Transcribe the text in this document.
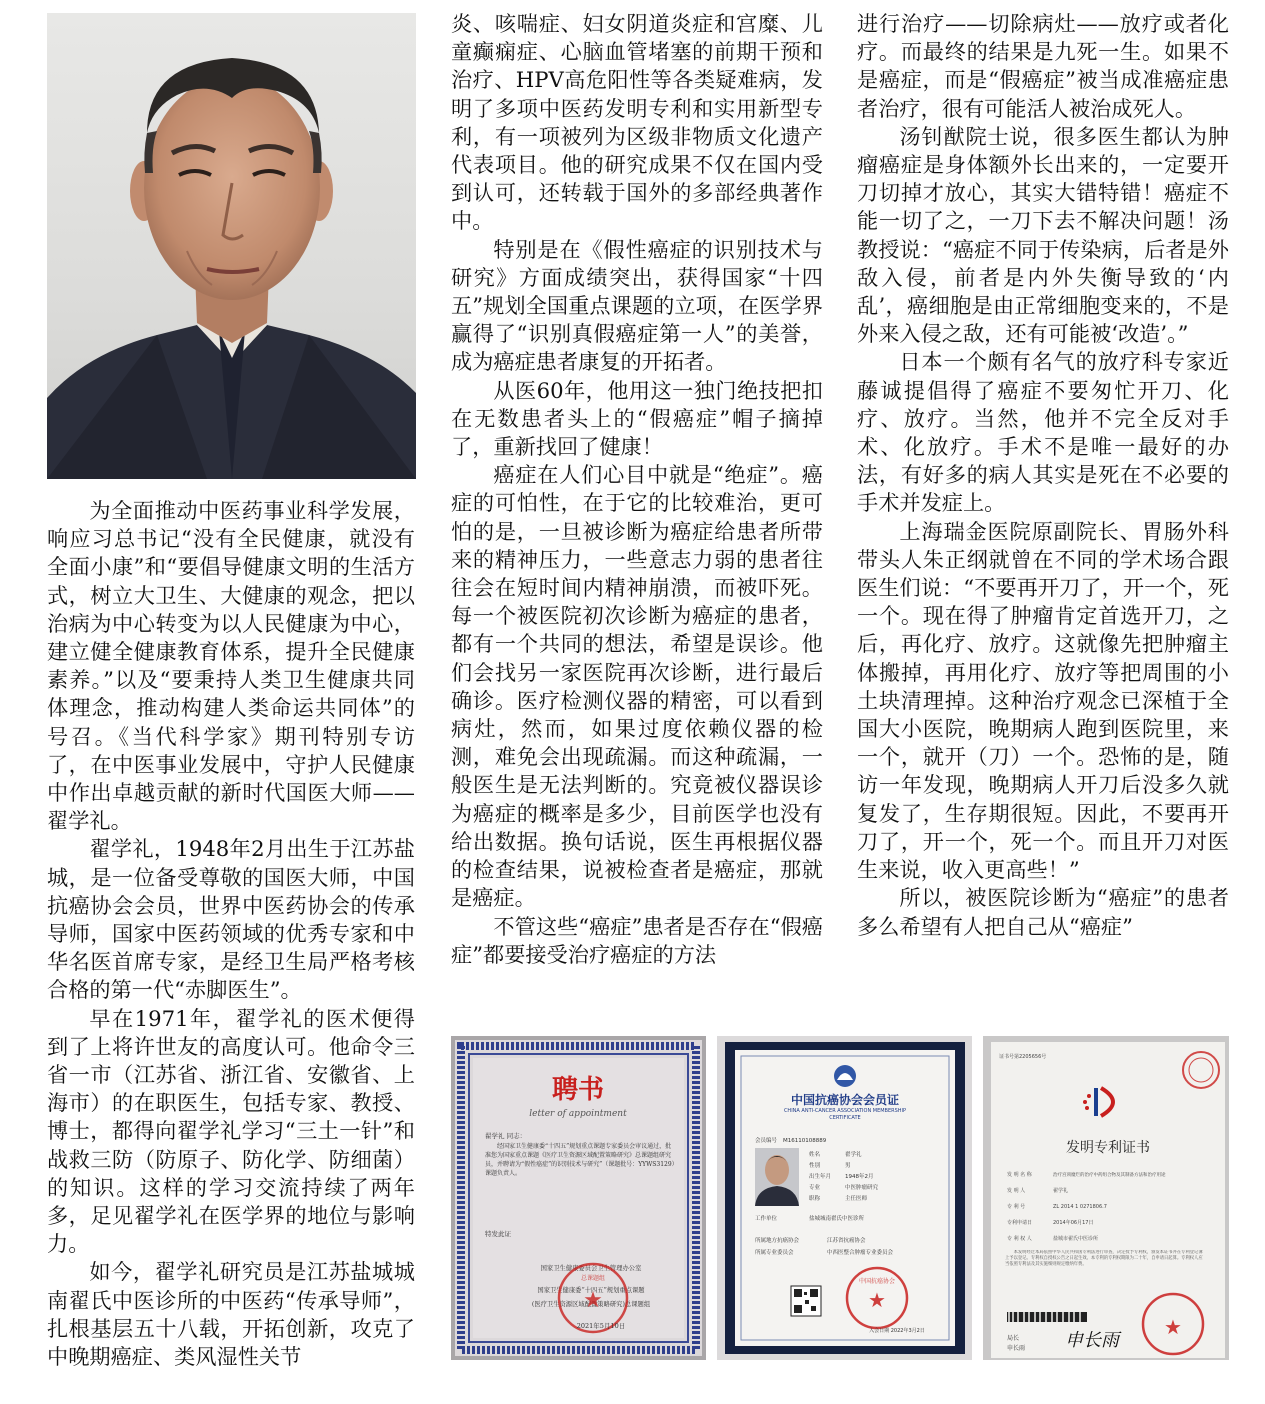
为全面推动中医药事业科学发展，响应习总书记“没有全民健康，就没有全面小康”和“要倡导健康文明的生活方式，树立大卫生、大健康的观念，把以治病为中心转变为以人民健康为中心，建立健全健康教育体系，提升全民健康素养。”以及“要秉持人类卫生健康共同体理念，推动构建人类命运共同体”的号召。《当代科学家》期刊特别专访了，在中医事业发展中，守护人民健康中作出卓越贡献的新时代国医大师——翟学礼。

翟学礼，1948年2月出生于江苏盐城，是一位备受尊敬的国医大师，中国抗癌协会会员，世界中医药协会的传承导师，国家中医药领域的优秀专家和中华名医首席专家，是经卫生局严格考核合格的第一代“赤脚医生”。

早在1971年，翟学礼的医术便得到了上将许世友的高度认可。他命令三省一市（江苏省、浙江省、安徽省、上海市）的在职医生，包括专家、教授、博士，都得向翟学礼学习“三土一针”和战救三防（防原子、防化学、防细菌）的知识。这样的学习交流持续了两年多，足见翟学礼在医学界的地位与影响力。

如今，翟学礼研究员是江苏盐城城南翟氏中医诊所的中医药“传承导师”，扎根基层五十八载，开拓创新，攻克了中晚期癌症、类风湿性关节

炎、咳喘症、妇女阴道炎症和宫糜、儿童癫痫症、心脑血管堵塞的前期干预和治疗、HPV高危阳性等各类疑难病，发明了多项中医药发明专利和实用新型专利，有一项被列为区级非物质文化遗产代表项目。他的研究成果不仅在国内受到认可，还转载于国外的多部经典著作中。

特别是在《假性癌症的识别技术与研究》方面成绩突出，获得国家“十四五”规划全国重点课题的立项，在医学界赢得了“识别真假癌症第一人”的美誉，成为癌症患者康复的开拓者。

从医60年，他用这一独门绝技把扣在无数患者头上的“假癌症”帽子摘掉了，重新找回了健康！

癌症在人们心目中就是“绝症”。癌症的可怕性，在于它的比较难治，更可怕的是，一旦被诊断为癌症给患者所带来的精神压力，一些意志力弱的患者往往会在短时间内精神崩溃，而被吓死。每一个被医院初次诊断为癌症的患者，都有一个共同的想法，希望是误诊。他们会找另一家医院再次诊断，进行最后确诊。医疗检测仪器的精密，可以看到病灶，然而，如果过度依赖仪器的检测，难免会出现疏漏。而这种疏漏，一般医生是无法判断的。究竟被仪器误诊为癌症的概率是多少，目前医学也没有给出数据。换句话说，医生再根据仪器的检查结果，说被检查者是癌症，那就是癌症。

不管这些“癌症”患者是否存在“假癌症”都要接受治疗癌症的方法

进行治疗——切除病灶——放疗或者化疗。而最终的结果是九死一生。如果不是癌症，而是“假癌症”被当成准癌症患者治疗，很有可能活人被治成死人。

汤钊猷院士说，很多医生都认为肿瘤癌症是身体额外长出来的，一定要开刀切掉才放心，其实大错特错！癌症不能一切了之，一刀下去不解决问题！汤教授说：“癌症不同于传染病，后者是外敌入侵，前者是内外失衡导致的‘内乱’，癌细胞是由正常细胞变来的，不是外来入侵之敌，还有可能被‘改造’。”

日本一个颇有名气的放疗科专家近藤诚提倡得了癌症不要匆忙开刀、化疗、放疗。当然，他并不完全反对手术、化放疗。手术不是唯一最好的办法，有好多的病人其实是死在不必要的手术并发症上。

上海瑞金医院原副院长、胃肠外科带头人朱正纲就曾在不同的学术场合跟医生们说：“不要再开刀了，开一个，死一个。现在得了肿瘤肯定首选开刀，之后，再化疗、放疗。这就像先把肿瘤主体搬掉，再用化疗、放疗等把周围的小土块清理掉。这种治疗观念已深植于全国大小医院，晚期病人跑到医院里，来一个，就开（刀）一个。恐怖的是，随访一年发现，晚期病人开刀后没多久就复发了，生存期很短。因此，不要再开刀了，开一个，死一个。而且开刀对医生来说，收入更高些！”

所以，被医院诊断为“癌症”的患者多么希望有人把自己从“癌症”

聘书
letter of appointment
翟学礼 同志：
经国家卫生健康委“十四五”规划重点课题专家委员会审议通过，批准您为国家重点课题《医疗卫生资源区域配置策略研究》总课题组研究员，并聘请为“假性癌症”的识别技术与研究”（课题批号：YYWS3129）课题负责人。
特发此证
国家卫生健康委员会卫生管理办公室
国家卫生健康委“十四五”规划重点课题
(医疗卫生资源区域配置策略研究)总课题组
★
总课题组
2021年5月10日
中国抗癌协会会员证
CHINA ANTI-CANCER ASSOCIATION MEMBERSHIP CERTIFICATE
会员编号 M16110108889
姓名	翟学礼
性别	男
出生年月	1948年2月
专业	中医肿瘤研究
职称	主任医师
工作单位	盐城城南翟氏中医诊所
所属地方抗癌协会	江苏省抗癌协会
所属专业委员会	中西医整合肿瘤专业委员会
★
中国抗癌协会
入会日期 2022年3月2日
证书号第2205656号
发明专利证书
发 明 名 称	治疗宫颈糜烂的治疗中药组合物及其制备方法和治疗用途
发 明 人	翟学礼
专 利 号	ZL 2014 1 0271806.7
专利申请日	2014年06月17日
专 利 权 人	盐城市翟氏中医诊所
本发明经过本局依照中华人民共和国专利法进行审查，决定授予专利权，颁发本证书并在专利登记簿上予以登记。专利权自授权公告之日起生效。本专利的专利权期限为二十年，自申请日起算。专利权人应当依照专利法及其实施细则规定缴纳年费。
局长
申长雨 申长雨
★
